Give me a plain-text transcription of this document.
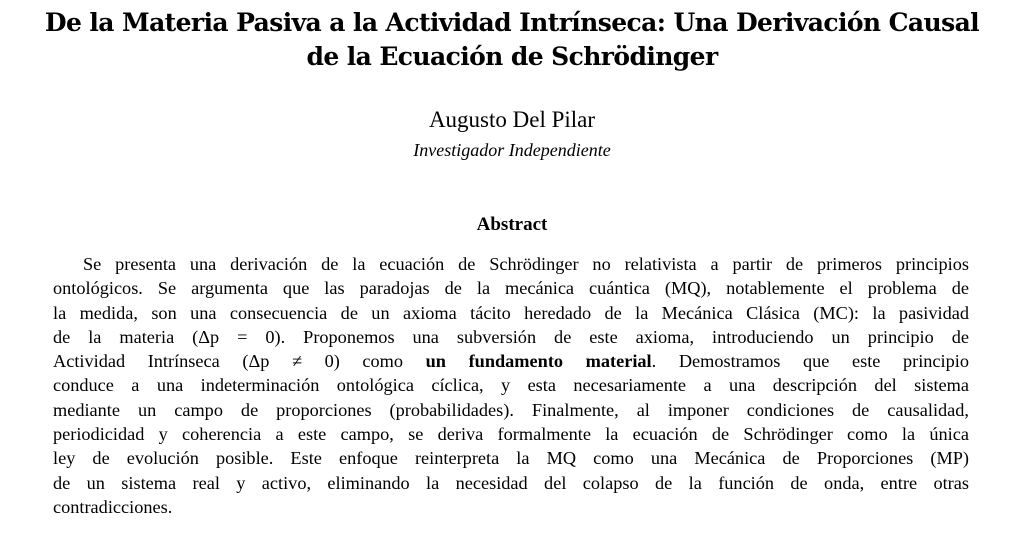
De la Materia Pasiva a la Actividad Intrínseca: Una Derivación Causal
de la Ecuación de Schrödinger
Augusto Del Pilar
Investigador Independiente
Abstract
Se presenta una derivación de la ecuación de Schrödinger no relativista a partir de primeros principios
ontológicos. Se argumenta que las paradojas de la mecánica cuántica (MQ), notablemente el problema de
la medida, son una consecuencia de un axioma tácito heredado de la Mecánica Clásica (MC): la pasividad
de la materia (Δp = 0). Proponemos una subversión de este axioma, introduciendo un principio de
Actividad Intrínseca (Δp ≠ 0) como un fundamento material. Demostramos que este principio
conduce a una indeterminación ontológica cíclica, y esta necesariamente a una descripción del sistema
mediante un campo de proporciones (probabilidades). Finalmente, al imponer condiciones de causalidad,
periodicidad y coherencia a este campo, se deriva formalmente la ecuación de Schrödinger como la única
ley de evolución posible. Este enfoque reinterpreta la MQ como una Mecánica de Proporciones (MP)
de un sistema real y activo, eliminando la necesidad del colapso de la función de onda, entre otras
contradicciones.
